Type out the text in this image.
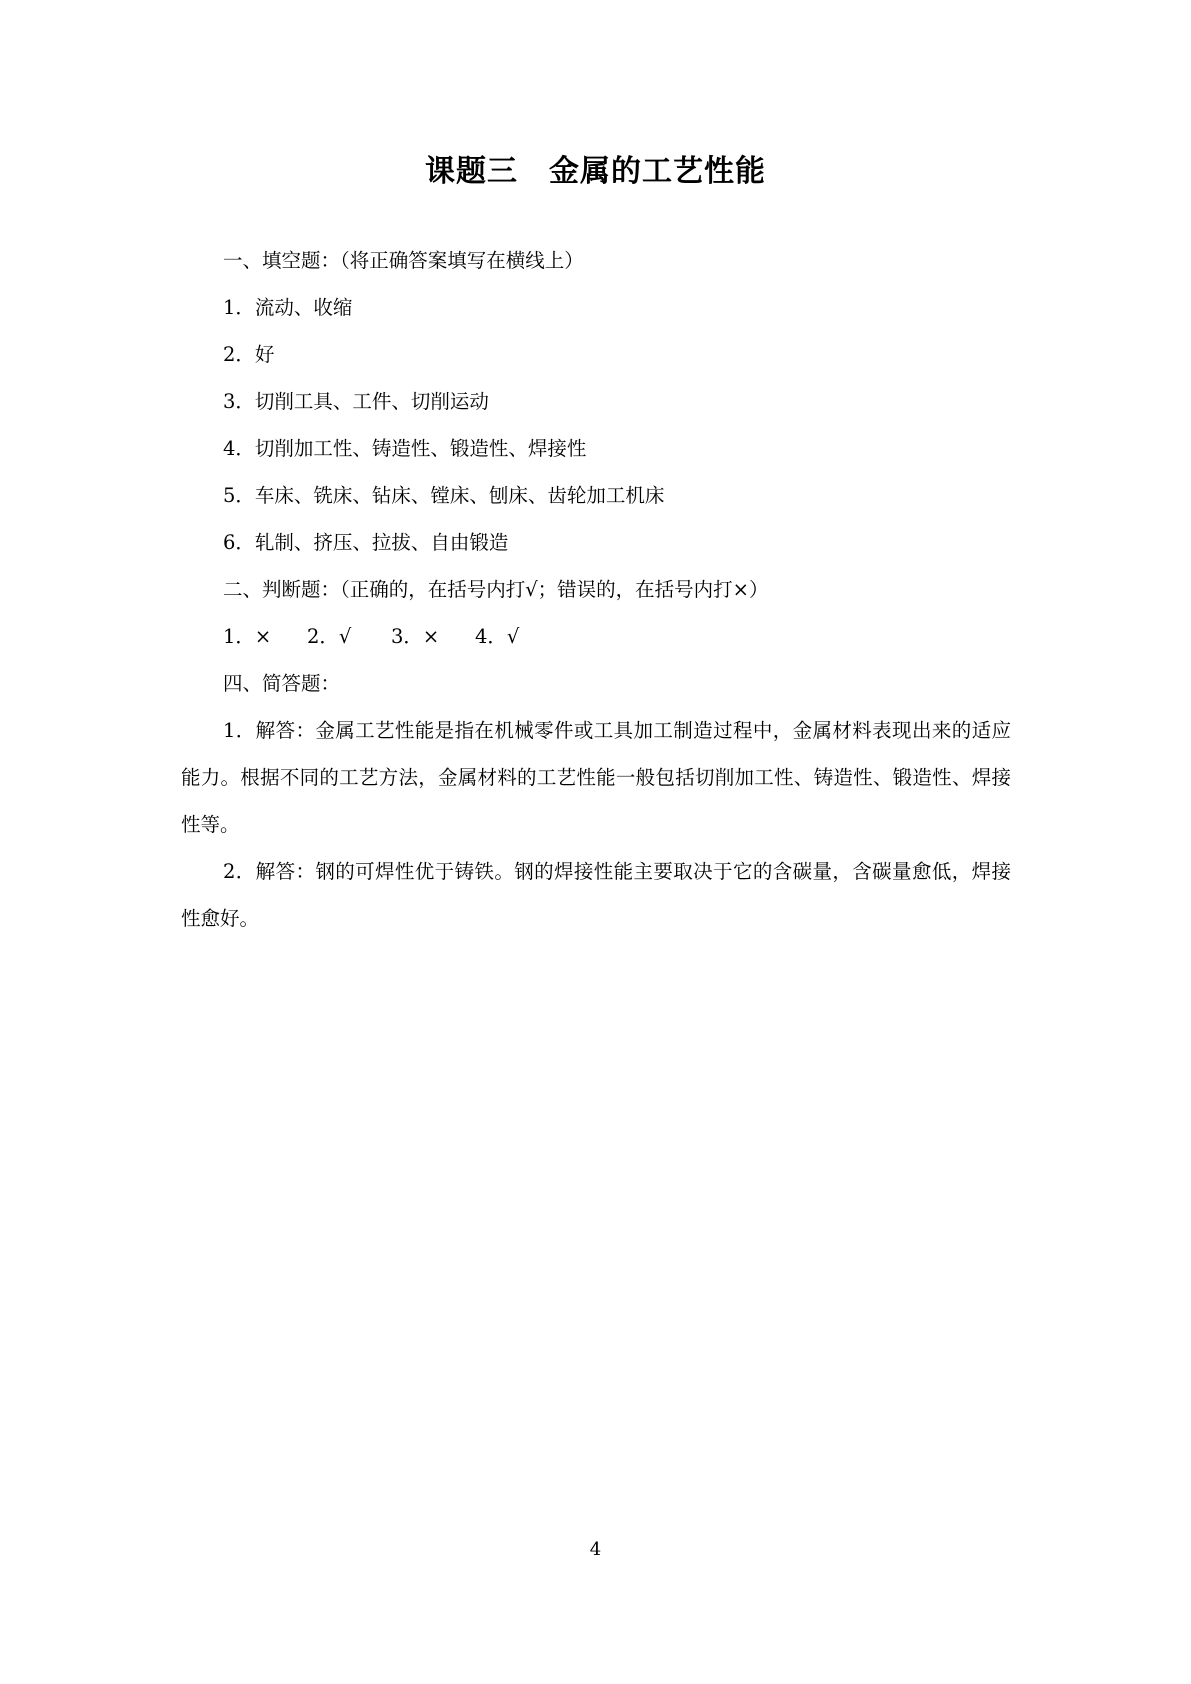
课题三　金属的工艺性能
一、填空题：（将正确答案填写在横线上）
1．流动、收缩
2．好
3．切削工具、工件、切削运动
4．切削加工性、铸造性、锻造性、焊接性
5．车床、铣床、钻床、镗床、刨床、齿轮加工机床
6．轧制、挤压、拉拔、自由锻造
二、判断题：（正确的，在括号内打√；错误的，在括号内打×）
1．×	2．√	3．×	4．√
四、简答题：
1．解答：金属工艺性能是指在机械零件或工具加工制造过程中，金属材料表现出来的适应能力。根据不同的工艺方法，金属材料的工艺性能一般包括切削加工性、铸造性、锻造性、焊接性等。
2．解答：钢的可焊性优于铸铁。钢的焊接性能主要取决于它的含碳量，含碳量愈低，焊接性愈好。
4
